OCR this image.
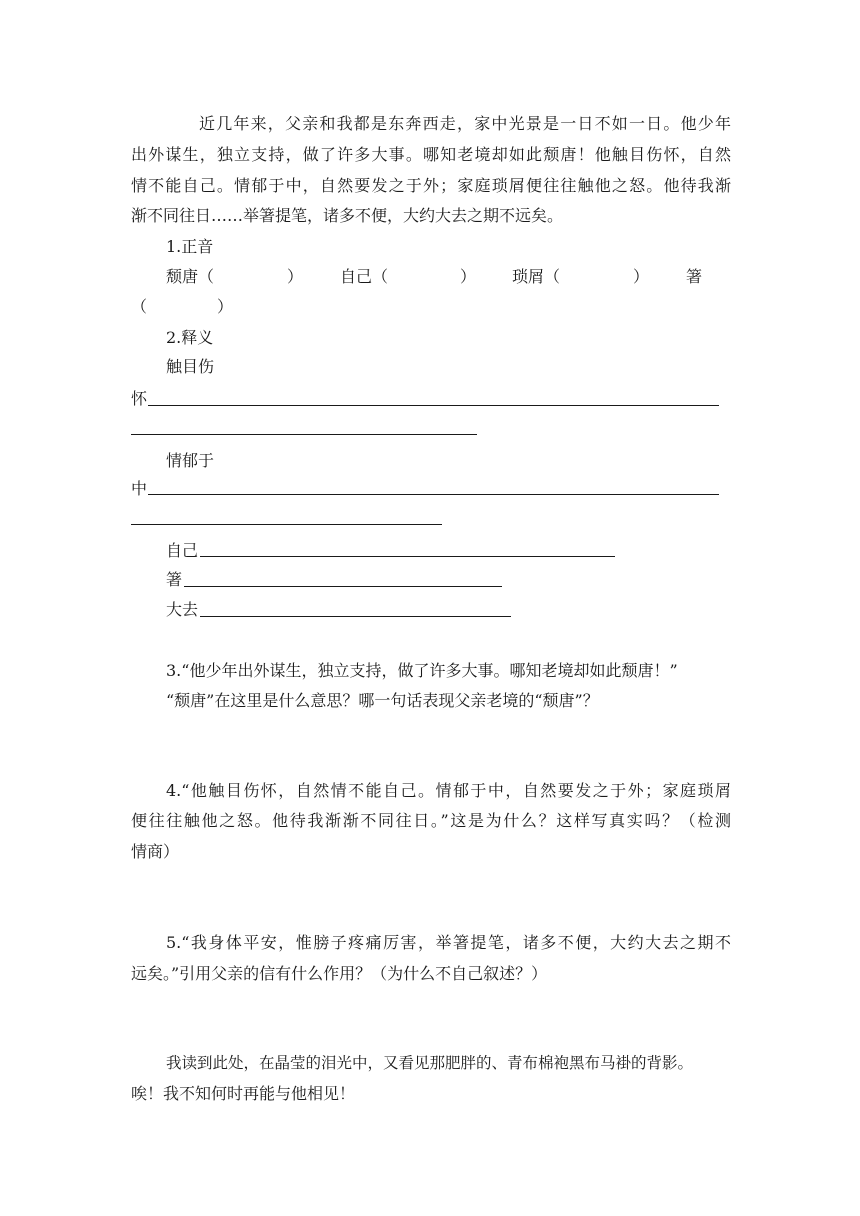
近几年来，父亲和我都是东奔西走，家中光景是一日不如一日。他少年
出外谋生，独立支持，做了许多大事。哪知老境却如此颓唐！他触目伤怀，自然
情不能自己。情郁于中，自然要发之于外；家庭琐屑便往往触他之怒。他待我渐
渐不同往日……举箸提笔，诸多不便，大约大去之期不远矣。
1.正音
颓唐（	） 自己（	） 琐屑（	） 箸
（	）
2.释义
触目伤
怀
情郁于
中
自己
箸
大去
3.“他少年出外谋生，独立支持，做了许多大事。哪知老境却如此颓唐！”
“颓唐”在这里是什么意思？哪一句话表现父亲老境的“颓唐”？
4.“他触目伤怀，自然情不能自己。情郁于中，自然要发之于外；家庭琐屑
便往往触他之怒。他待我渐渐不同往日。”这是为什么？这样写真实吗？（检测
情商）
5.“我身体平安，惟膀子疼痛厉害，举箸提笔，诸多不便，大约大去之期不
远矣。”引用父亲的信有什么作用？（为什么不自己叙述？）
我读到此处，在晶莹的泪光中，又看见那肥胖的、青布棉袍黑布马褂的背影。
唉！我不知何时再能与他相见！
